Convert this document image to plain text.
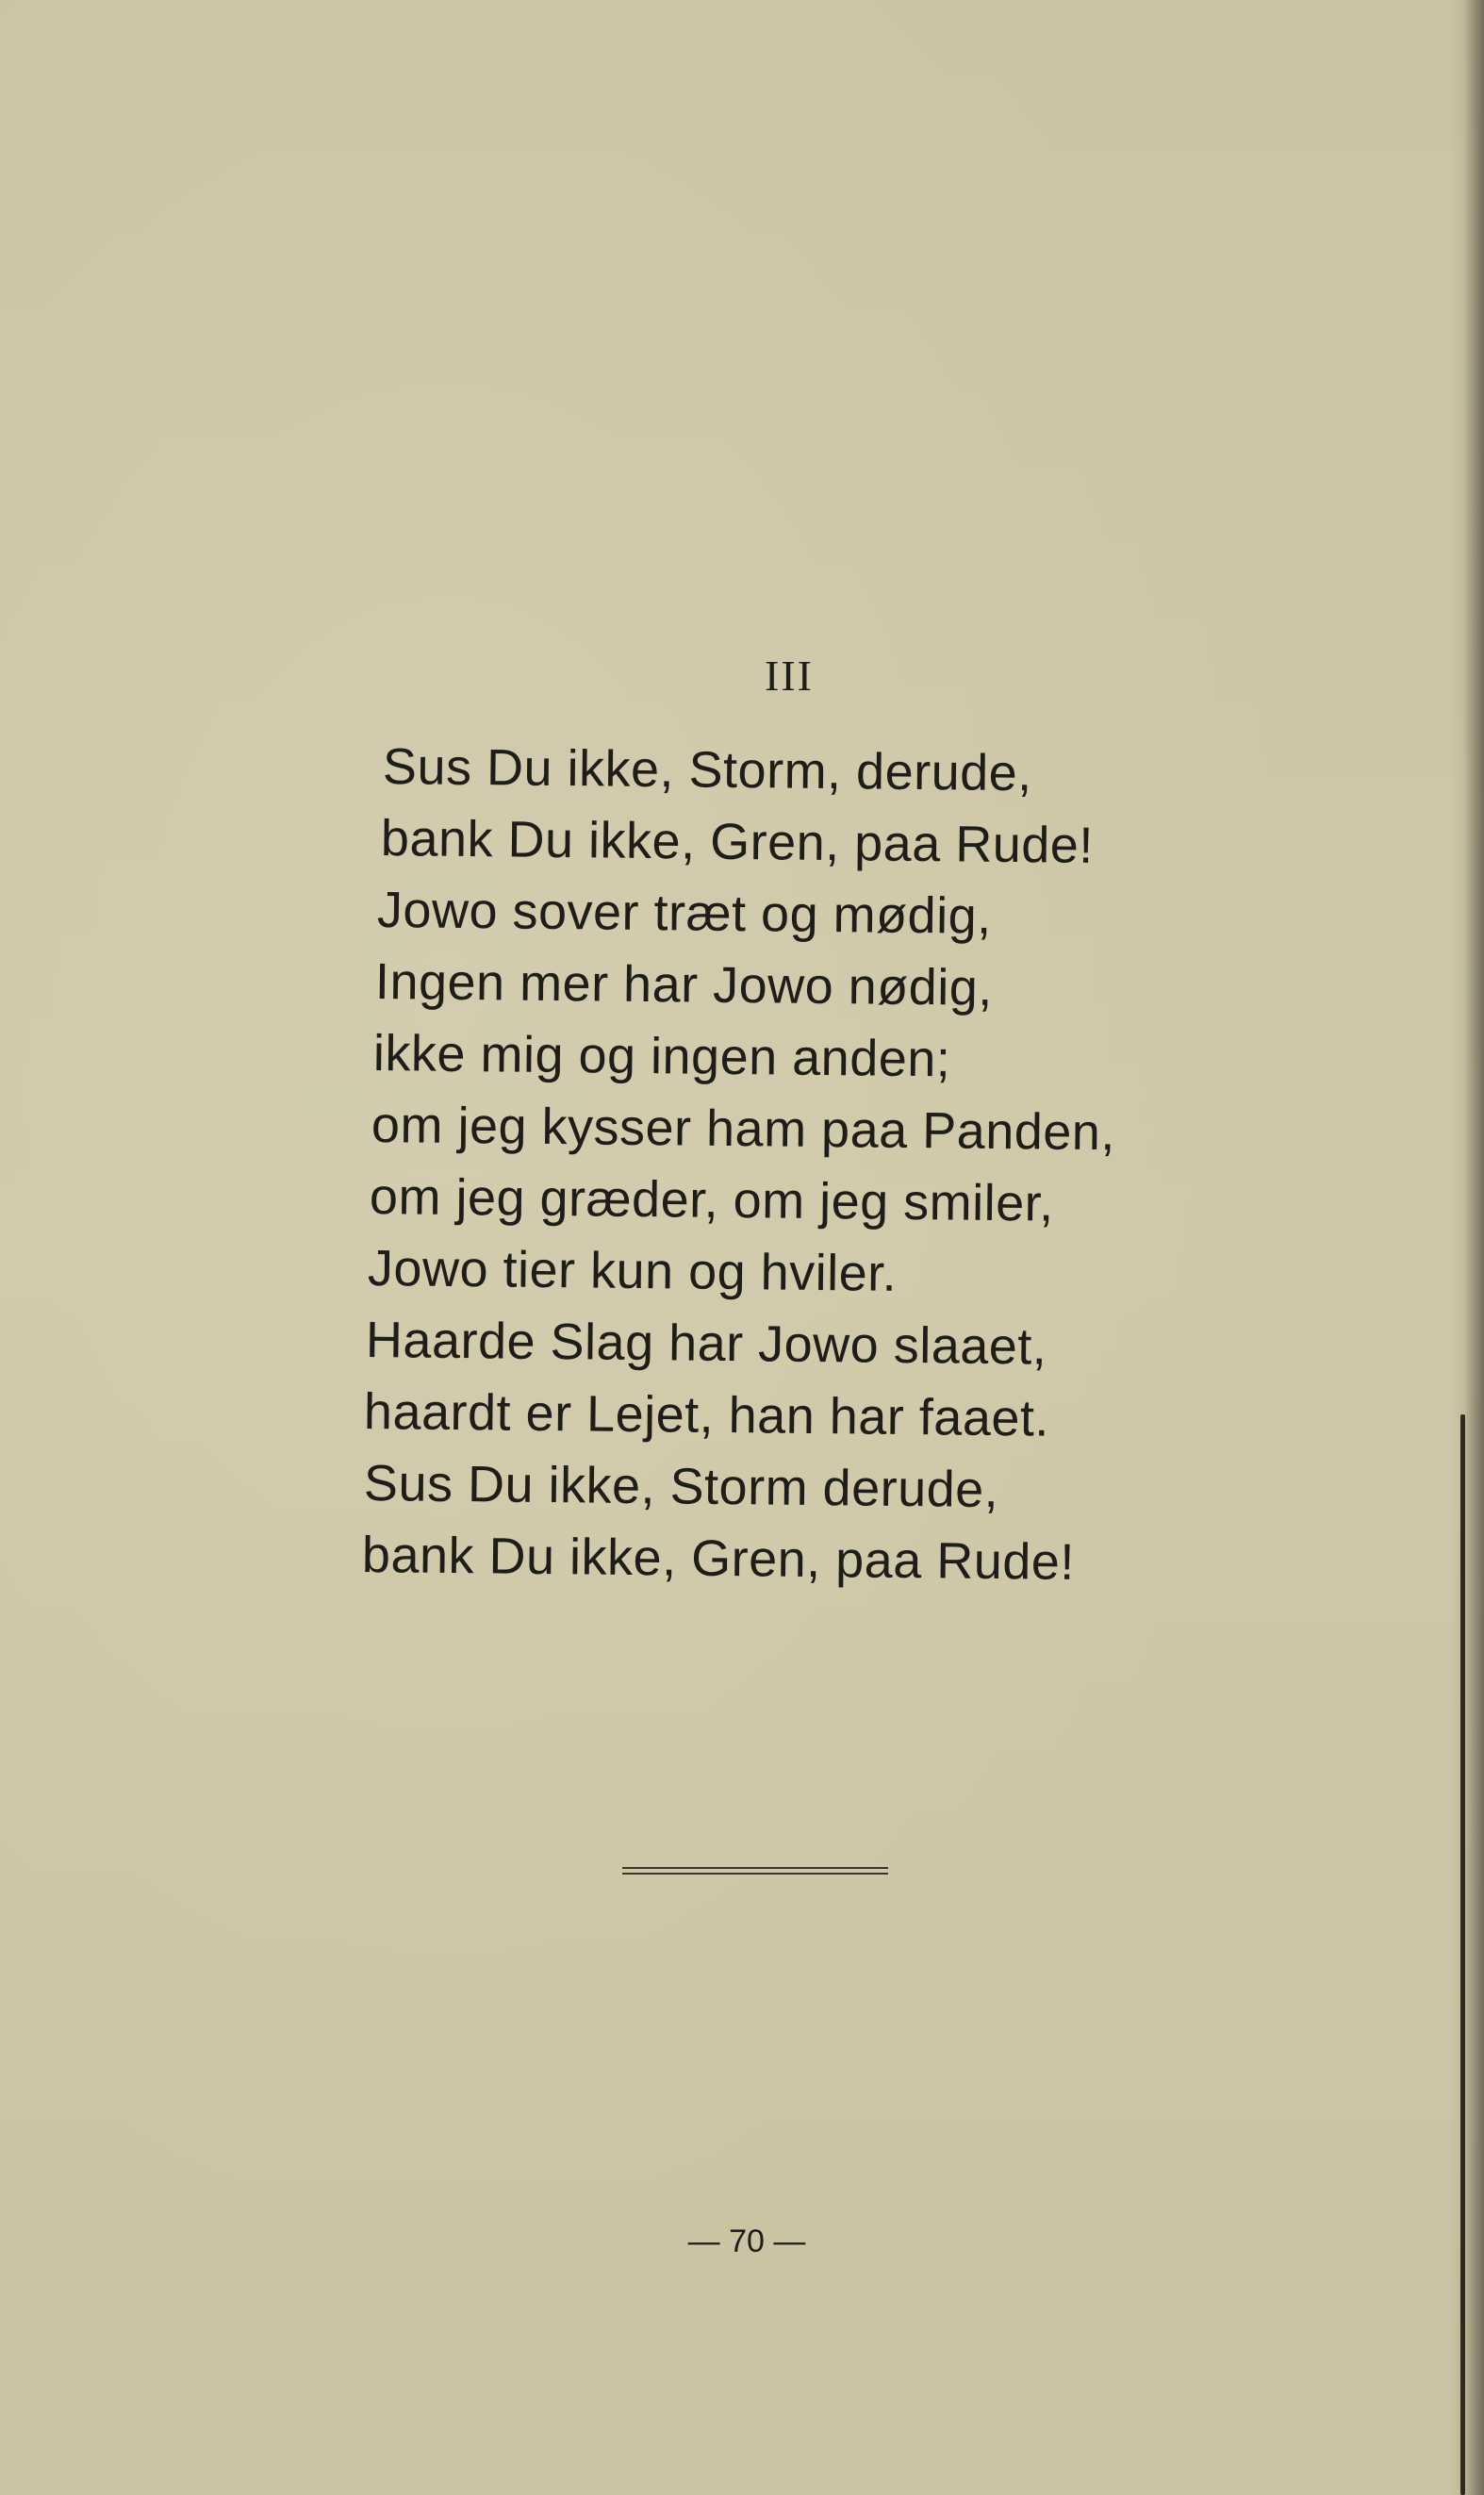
III
Sus Du ikke, Storm, derude,
bank Du ikke, Gren, paa Rude!
Jowo sover træt og mødig,
Ingen mer har Jowo nødig,
ikke mig og ingen anden;
om jeg kysser ham paa Panden,
om jeg græder, om jeg smiler,
Jowo tier kun og hviler.
Haarde Slag har Jowo slaaet,
haardt er Lejet, han har faaet.
Sus Du ikke, Storm derude,
bank Du ikke, Gren, paa Rude!
— 70 —
